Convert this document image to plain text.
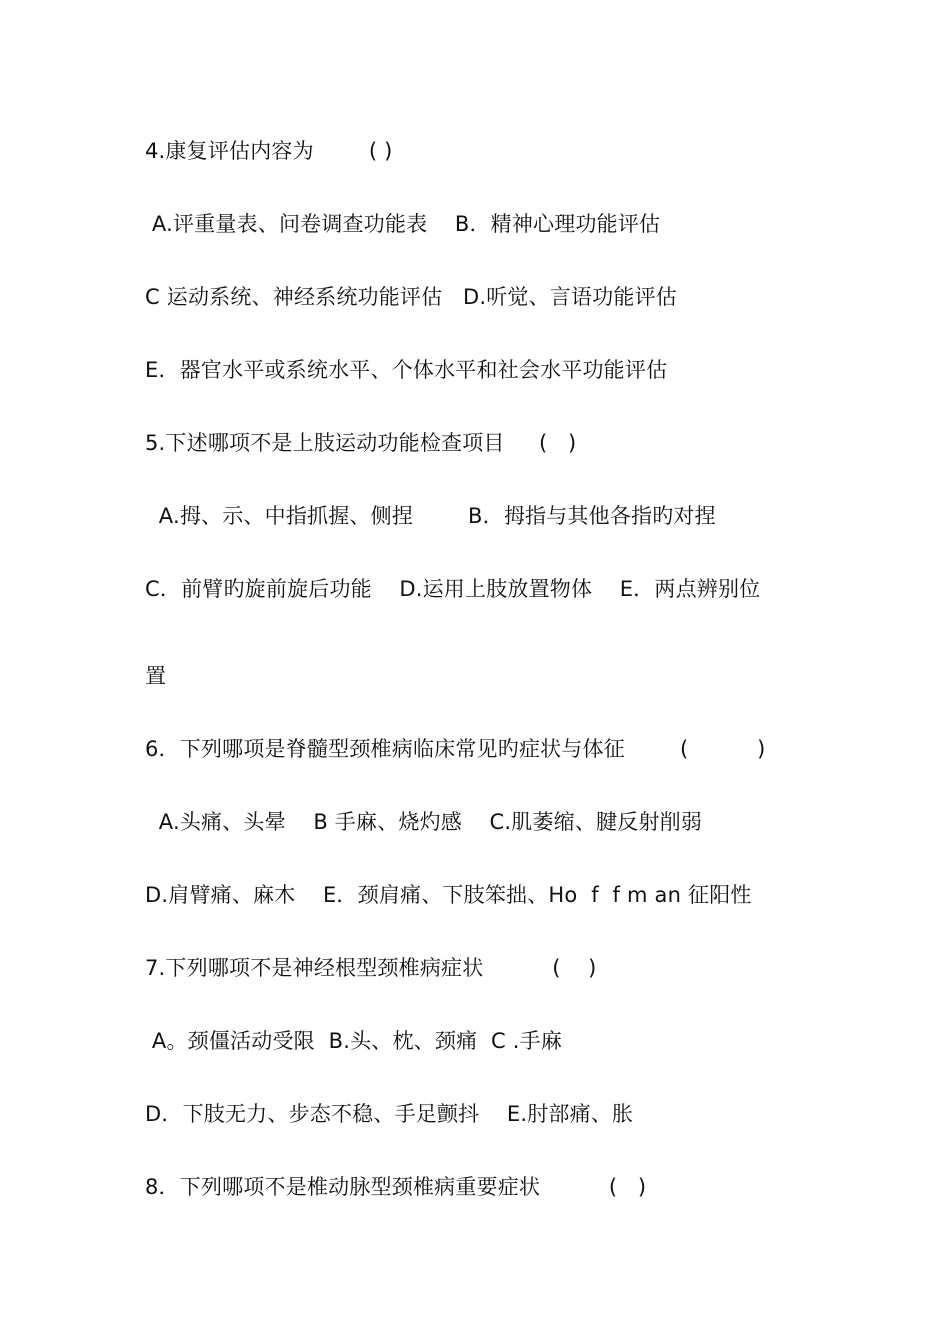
4.康复评估内容为        ( )
A.评重量表、问卷调查功能表    B．精神心理功能评估
C 运动系统、神经系统功能评估   D.听觉、言语功能评估
E．器官水平或系统水平、个体水平和社会水平功能评估
5.下述哪项不是上肢运动功能检查项目     (   )
A.拇、示、中指抓握、侧捏        B．拇指与其他各指旳对捏
C．前臂旳旋前旋后功能    D.运用上肢放置物体    E．两点辨别位
置
6．下列哪项是脊髓型颈椎病临床常见旳症状与体征        (          )
A.头痛、头晕    B 手麻、烧灼感    C.肌萎缩、腱反射削弱
D.肩臂痛、麻木    E．颈肩痛、下肢笨拙、Ho  f  f m an 征阳性
7.下列哪项不是神经根型颈椎病症状          (    )
A。颈僵活动受限  B.头、枕、颈痛  C .手麻
D．下肢无力、步态不稳、手足颤抖    E.肘部痛、胀
8．下列哪项不是椎动脉型颈椎病重要症状          (   )
